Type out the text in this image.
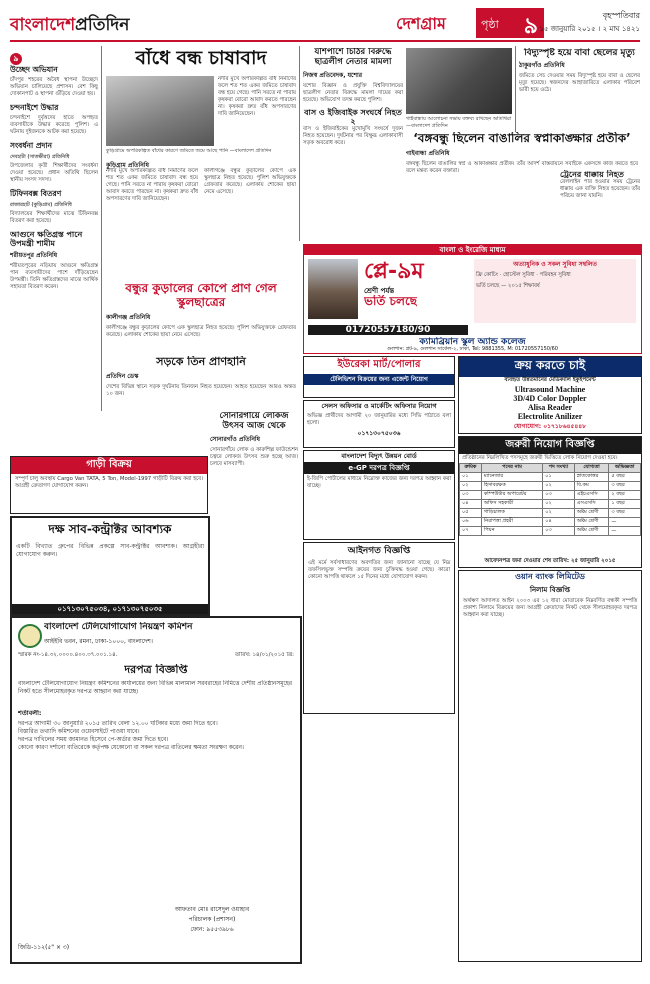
বাংলাদেশপ্রতিদিন	দেশগ্রাম	পৃষ্ঠা ৯	বৃহস্পতিবার
১৫ জানুয়ারি ২০১৫ । ২ মাঘ ১৪২১
৯
উচ্ছেদ অভিযান
চাঁদপুর শহরের অবৈধ স্থাপনা উচ্ছেদে অভিযান চালিয়েছে প্রশাসন। বেশ কিছু দোকানপাট ও স্থাপনা গুঁড়িয়ে দেওয়া হয়।
চন্দনাইশে উদ্ধার
চন্দনাইশে দুর্বৃত্তদের হাতে অপহৃত ব্যবসায়ীকে উদ্ধার করেছে পুলিশ। এ ঘটনায় দুইজনকে আটক করা হয়েছে।
সংবর্ধনা প্রদান
দেবহাটা (সাতক্ষীরা) প্রতিনিধি
উপজেলার কৃতী শিক্ষার্থীদের সংবর্ধনা দেওয়া হয়েছে। প্রধান অতিথি ছিলেন স্থানীয় সংসদ সদস্য।
টিফিনবক্স বিতরণ
রাজারহাট (কুড়িগ্রাম) প্রতিনিধি
বিদ্যালয়ের শিক্ষার্থীদের মাঝে টিফিনবক্স বিতরণ করা হয়েছে।
আগুনে ক্ষতিগ্রস্ত পানে উপমন্ত্রী শামীম
শরীয়তপুর প্রতিনিধি
শরীয়তপুরের নড়িয়ায় আগুনে ক্ষতিগ্রস্ত পান ব্যবসায়ীদের পাশে দাঁড়িয়েছেন উপমন্ত্রী। তিনি ক্ষতিগ্রস্তদের মাঝে আর্থিক সহায়তা বিতরণ করেন।
বাঁধে বন্ধ চাষাবাদ
নদীর মুখে অপরিকল্পিত বাঁধ নির্মাণের ফলে শত শত একর জমিতে চাষাবাদ বন্ধ হয়ে গেছে। পানি সরতে না পারায় কৃষকরা বোরো আবাদ করতে পারছেন না। কৃষকরা দ্রুত বাঁধ অপসারণের দাবি জানিয়েছেন।
কুড়িগ্রামে অপরিকল্পিত বাঁধের কারণে জমিতে জমে আছে পানি —বাংলাদেশ প্রতিদিন
কুড়িগ্রাম প্রতিনিধি
নদীর মুখে অপরিকল্পিত বাঁধ নির্মাণের ফলে শত শত একর জমিতে চাষাবাদ বন্ধ হয়ে গেছে। পানি সরতে না পারায় কৃষকরা বোরো আবাদ করতে পারছেন না। কৃষকরা দ্রুত বাঁধ অপসারণের দাবি জানিয়েছেন।
কালীগঞ্জে বন্ধুর কুড়ালের কোপে এক স্কুলছাত্র নিহত হয়েছে। পুলিশ অভিযুক্তকে গ্রেফতার করেছে। এলাকায় শোকের ছায়া নেমে এসেছে।
বন্ধুর কুড়ালের কোপে প্রাণ গেল স্কুলছাত্রের
কালীগঞ্জ প্রতিনিধি
কালীগঞ্জে বন্ধুর কুড়ালের কোপে এক স্কুলছাত্র নিহত হয়েছে। পুলিশ অভিযুক্তকে গ্রেফতার করেছে। এলাকায় শোকের ছায়া নেমে এসেছে।
সড়কে তিন প্রাণহানি
প্রতিদিন ডেস্ক
দেশের বিভিন্ন স্থানে সড়ক দুর্ঘটনায় তিনজন নিহত হয়েছেন। আহত হয়েছেন আরও অন্তত ১০ জন।
যশিপাশে চিঠির বিরুদ্ধে ছাত্রলীগ নেতার মামলা
নিজস্ব প্রতিবেদক, যশোর
যশোর বিজ্ঞান ও প্রযুক্তি বিশ্ববিদ্যালয়ের ছাত্রলীগ নেতার বিরুদ্ধে মামলা দায়ের করা হয়েছে। অভিযোগ তদন্ত করছে পুলিশ।
বাস ও ইজিবাইক সংঘর্ষে নিহত ২
বাস ও ইজিবাইকের মুখোমুখি সংঘর্ষে দুজন নিহত হয়েছেন। দুর্ঘটনার পর বিক্ষুব্ধ এলাকাবাসী সড়ক অবরোধ করে।
গাইবান্ধায় আলোচনা সভায় বক্তব্য রাখছেন অতিথিরা —বাংলাদেশ প্রতিদিন
‘বঙ্গবন্ধু ছিলেন বাঙালির স্বপ্নাকাঙ্ক্ষার প্রতীক’
গাইবান্ধা প্রতিনিধি
বঙ্গবন্ধু ছিলেন বাঙালির স্বপ্ন ও আকাঙ্ক্ষার প্রতীক। তাঁর আদর্শ বাস্তবায়নে সবাইকে একসঙ্গে কাজ করতে হবে বলে মন্তব্য করেন বক্তারা।
বিদ্যুস্পৃষ্ট হয়ে বাবা ছেলের মৃত্যু
ঠাকুরগাঁও প্রতিনিধি
জমিতে সেচ দেওয়ার সময় বিদ্যুস্পৃষ্ট হয়ে বাবা ও ছেলের মৃত্যু হয়েছে। স্বজনদের আহাজারিতে এলাকার পরিবেশ ভারী হয়ে ওঠে।
ট্রেনের ধাক্কায় নিহত
রেললাইন পার হওয়ার সময় ট্রেনের ধাক্কায় এক ব্যক্তি নিহত হয়েছেন। তাঁর পরিচয় জানা যায়নি।
বাংলা ও ইংরেজি মাধ্যম
প্লে-৯ম
শ্রেণী পর্যন্ত
ভর্তি চলছে
01720557180/90
অত্যাধুনিক ও সকল সুবিধা সম্বলিত
ফ্রি কোচিং · হোস্টেল সুবিধা · পরিবহন সুবিধা
ভর্তি চলছে — ২০১৫ শিক্ষাবর্ষ
ক্যামব্রিয়ান স্কুল অ্যান্ড কলেজ
গুলশান: প্লট-৯, গুলশান সার্কেল-২, ঢাকা, Tel: 9881355, M: 01720557150/60
গাড়ী বিক্রয়
সম্পূর্ণ চালু অবস্থায় Cargo Van TATA, 5 Ton, Model-1997 গাড়ীটি বিক্রয় করা হবে। আগ্রহী ক্রেতাগণ যোগাযোগ করুন।
দক্ষ সাব-কন্ট্রাক্টর আবশ্যক
একটি বিখ্যাত গ্রুপের বিভিন্ন প্রকল্পে সাব-কন্ট্রাক্টর আবশ্যক। আগ্রহীরা যোগাযোগ করুন।
০১৭১৩০৭৫০৩৪, ০১৭১৩০৭৫০৩৫
সোনারগাঁয়ে লোকজ উৎসব আজ থেকে
সোনারগাঁও প্রতিনিধি
সোনারগাঁয়ে লোক ও কারুশিল্প ফাউন্ডেশন চত্বরে লোকজ উৎসব শুরু হচ্ছে আজ। চলবে মাসব্যাপী।
ইউরেকা মার্ট/পোলার
টেলিভিশন বিক্রয়ের জন্য এজেন্ট নিয়োগ
সেলস অফিসার ও মার্কেটিং অফিসার নিয়োগ
অভিজ্ঞ প্রার্থীদের আগামী ২০ জানুয়ারির মধ্যে সিভি পাঠাতে বলা হলো।
০১৭১৩০৭৫০৩৬
বাংলাদেশ বিদ্যুৎ উন্নয়ন বোর্ড
e-GP দরপত্র বিজ্ঞপ্তি
ই-জিপি পোর্টালের মাধ্যমে নিম্নোক্ত কাজের জন্য দরপত্র আহ্বান করা যাচ্ছে।
ক্রয় করতে চাই
ব্যবহৃত উন্নতমানের মেডিক্যাল ইকুইপমেন্ট
Ultrasound Machine
3D/4D Color Doppler
Alisa Reader
Electrolite Anilizer
যোগাযোগ: ০১৭১৮৬৪৫৪৪৮
জরুরী নিয়োগ বিজ্ঞপ্তি
প্রতিষ্ঠানের নিম্নলিখিত পদসমূহে জরুরী ভিত্তিতে লোক নিয়োগ দেওয়া হবে।
ক্রমিক	পদের নাম	পদ সংখ্যা	যোগ্যতা	অভিজ্ঞতা
০১	ম্যানেজার	০১	স্নাতকোত্তর	৫ বছর
০২	হিসাবরক্ষক	০২	বি.কম	৩ বছর
০৩	কম্পিউটার অপারেটর	০৩	এইচএসসি	২ বছর
০৪	অফিস সহকারী	০২	এসএসসি	১ বছর
০৫	গাড়িচালক	০২	অষ্টম শ্রেণী	৩ বছর
০৬	নিরাপত্তা প্রহরী	০৪	অষ্টম শ্রেণী	—
০৭	পিয়ন	০৩	অষ্টম শ্রেণী	—
আবেদনপত্র জমা দেওয়ার শেষ তারিখ: ২৫ জানুয়ারি ২০১৫
আইনগত বিজ্ঞপ্তি
এই মর্মে সর্বসাধারণের অবগতির জন্য জানানো যাচ্ছে যে নিম্ন তফসিলভুক্ত সম্পত্তি ক্রয়ের জন্য চুক্তিবদ্ধ হওয়া গেছে। কারো কোনো আপত্তি থাকলে ১৫ দিনের মধ্যে যোগাযোগ করুন।	ওয়ান ব্যাংক লিমিটেড
নিলাম বিজ্ঞপ্তি
অর্থঋণ আদালত আইন ২০০৩ এর ১২ ধারা মোতাবেক নিম্নবর্ণিত বন্ধকী সম্পত্তি প্রকাশ্য নিলামে বিক্রয়ের জন্য আগ্রহী ক্রেতাদের নিকট থেকে সীলমোহরকৃত দরপত্র আহ্বান করা যাচ্ছে।
বাংলাদেশ টেলিযোগাযোগ নিয়ন্ত্রণ কমিশন
আইইবি ভবন, রমনা, ঢাকা-১০০০, বাংলাদেশ।
স্মারক নং-১৪.৩২.০০০০.৪০০.৩৭.০০১.১৪.	তারিখ: ১৪/০১/২০১৫ খ্রি:
দরপত্র বিজ্ঞপ্তি
বাংলাদেশ টেলিযোগাযোগ নিয়ন্ত্রণ কমিশনের কার্যালয়ের জন্য বিভিন্ন মালামাল সরবরাহের নিমিত্তে দেশীয় প্রতিষ্ঠানসমূহের নিকট হতে সীলমোহরকৃত দরপত্র আহ্বান করা যাচ্ছে।
শর্তাবলী:
দরপত্র আগামী ৩০ জানুয়ারি ২০১৫ তারিখ বেলা ১২.০০ ঘটিকার মধ্যে জমা দিতে হবে।
বিস্তারিত তথ্যাদি কমিশনের ওয়েবসাইটে পাওয়া যাবে।
দরপত্র দাখিলের সময় জামানত হিসেবে পে-অর্ডার জমা দিতে হবে।
কোনো কারণ দর্শানো ব্যতিরেকে কর্তৃপক্ষ যেকোনো বা সকল দরপত্র বাতিলের ক্ষমতা সংরক্ষণ করেন।
আফতাব মোঃ রাসেদুল ওয়াহাব
পরিচালক (প্রশাসন)
ফোন: ৯৫৫৩৯৮৬
জিডি-১১২(৫" × ৩)
